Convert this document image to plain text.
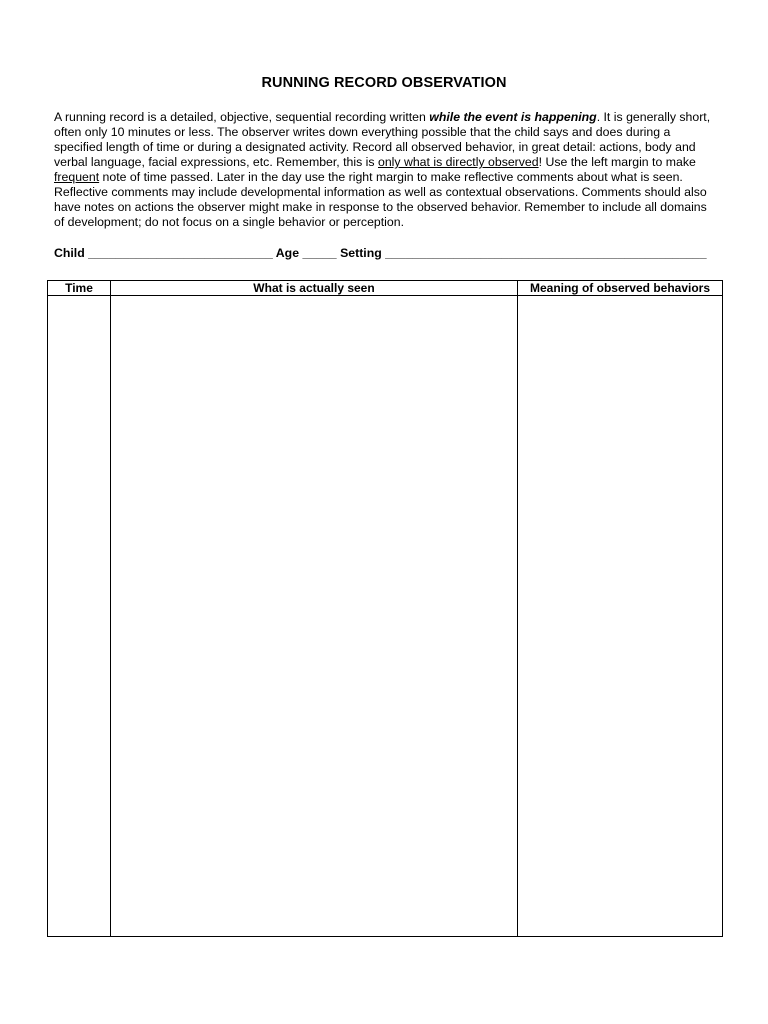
RUNNING RECORD OBSERVATION
A running record is a detailed, objective, sequential recording written while the event is happening. It is generally short, often only 10 minutes or less. The observer writes down everything possible that the child says and does during a specified length of time or during a designated activity. Record all observed behavior, in great detail: actions, body and verbal language, facial expressions, etc. Remember, this is only what is directly observed! Use the left margin to make frequent note of time passed. Later in the day use the right margin to make reflective comments about what is seen. Reflective comments may include developmental information as well as contextual observations. Comments should also have notes on actions the observer might make in response to the observed behavior. Remember to include all domains of development; do not focus on a single behavior or perception.
Child ___________________________ Age _____ Setting _______________________________________________
Time	What is actually seen	Meaning of observed behaviors
